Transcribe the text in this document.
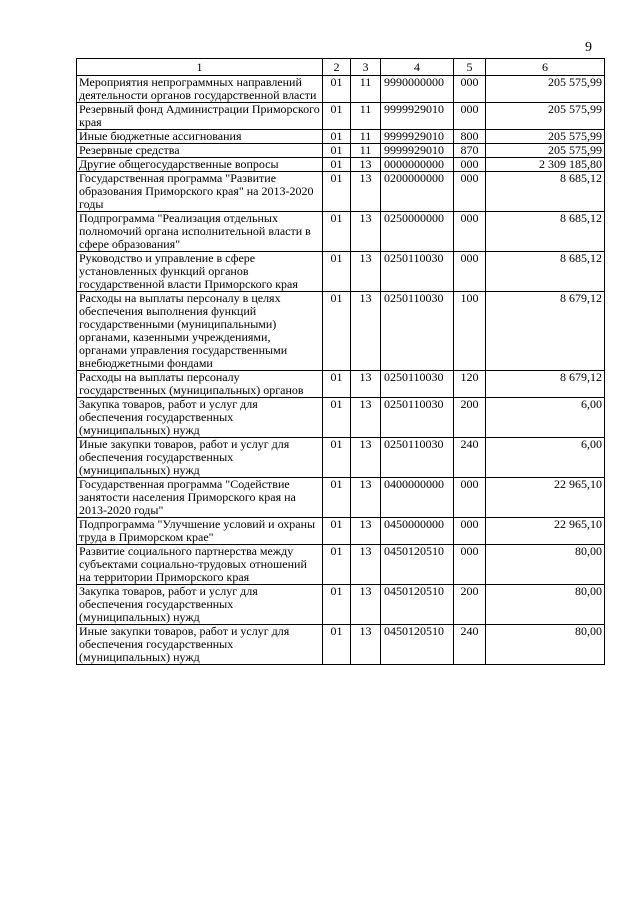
9
1	2	3	4	5	6
Мероприятия непрограммных направлений деятельности органов государственной власти	01	11	9990000000	000	205 575,99
Резервный фонд Администрации Приморского края	01	11	9999929010	000	205 575,99
Иные бюджетные ассигнования	01	11	9999929010	800	205 575,99
Резервные средства	01	11	9999929010	870	205 575,99
Другие общегосударственные вопросы	01	13	0000000000	000	2 309 185,80
Государственная программа "Развитие образования Приморского края" на 2013-2020 годы	01	13	0200000000	000	8 685,12
Подпрограмма "Реализация отдельных полномочий органа исполнительной власти в сфере образования"	01	13	0250000000	000	8 685,12
Руководство и управление в сфере установленных функций органов государственной власти Приморского края	01	13	0250110030	000	8 685,12
Расходы на выплаты персоналу в целях обеспечения выполнения функций государственными (муниципальными) органами, казенными учреждениями, органами управления государственными внебюджетными фондами	01	13	0250110030	100	8 679,12
Расходы на выплаты персоналу государственных (муниципальных) органов	01	13	0250110030	120	8 679,12
Закупка товаров, работ и услуг для обеспечения государственных (муниципальных) нужд	01	13	0250110030	200	6,00
Иные закупки товаров, работ и услуг для обеспечения государственных (муниципальных) нужд	01	13	0250110030	240	6,00
Государственная программа "Содействие занятости населения Приморского края на 2013-2020 годы"	01	13	0400000000	000	22 965,10
Подпрограмма "Улучшение условий и охраны труда в Приморском крае"	01	13	0450000000	000	22 965,10
Развитие социального партнерства между субъектами социально-трудовых отношений на территории Приморского края	01	13	0450120510	000	80,00
Закупка товаров, работ и услуг для обеспечения государственных (муниципальных) нужд	01	13	0450120510	200	80,00
Иные закупки товаров, работ и услуг для обеспечения государственных (муниципальных) нужд	01	13	0450120510	240	80,00
